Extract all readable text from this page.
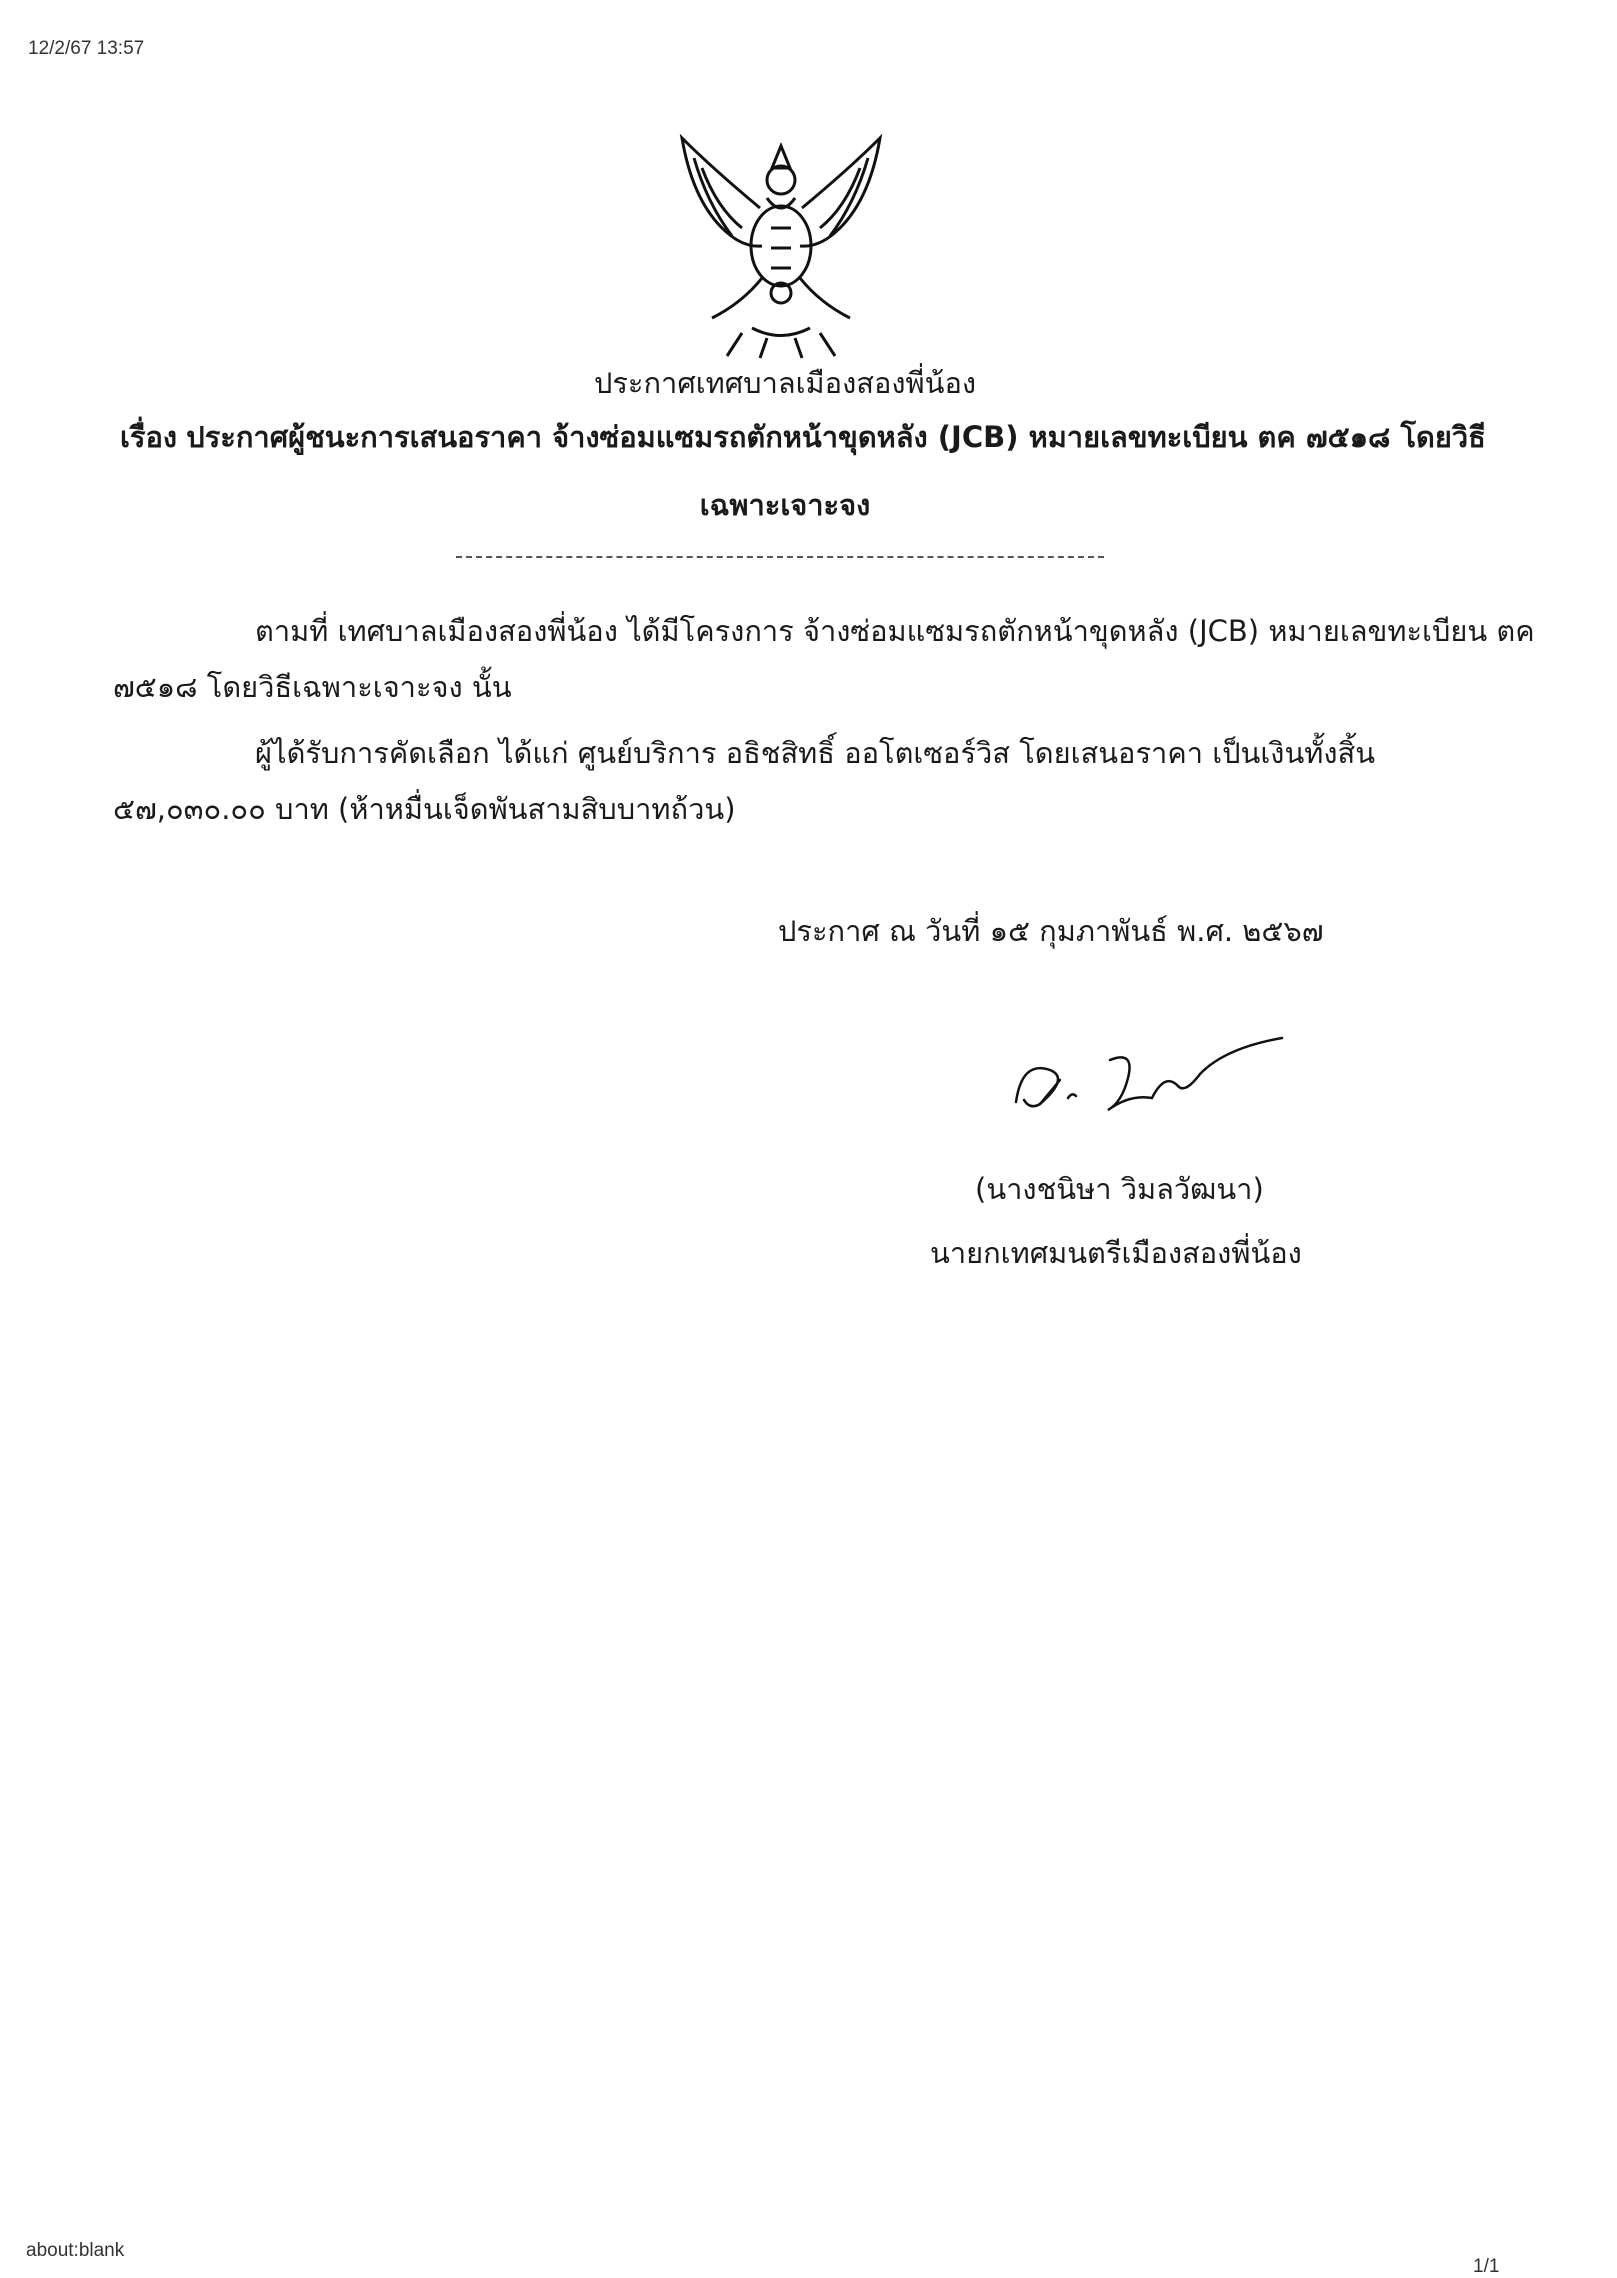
12/2/67 13:57
ประกาศเทศบาลเมืองสองพี่น้อง
เรื่อง ประกาศผู้ชนะการเสนอราคา จ้างซ่อมแซมรถตักหน้าขุดหลัง (JCB) หมายเลขทะเบียน ตค ๗๕๑๘ โดยวิธี
เฉพาะเจาะจง
ตามที่ เทศบาลเมืองสองพี่น้อง ได้มีโครงการ จ้างซ่อมแซมรถตักหน้าขุดหลัง (JCB) หมายเลขทะเบียน ตค
๗๕๑๘ โดยวิธีเฉพาะเจาะจง นั้น
ผู้ได้รับการคัดเลือก ได้แก่ ศูนย์บริการ อธิชสิทธิ์ ออโตเซอร์วิส โดยเสนอราคา เป็นเงินทั้งสิ้น
๕๗,๐๓๐.๐๐ บาท (ห้าหมื่นเจ็ดพันสามสิบบาทถ้วน)
ประกาศ ณ วันที่ ๑๕ กุมภาพันธ์ พ.ศ. ๒๕๖๗
(นางชนิษา วิมลวัฒนา)
นายกเทศมนตรีเมืองสองพี่น้อง
about:blank
1/1
